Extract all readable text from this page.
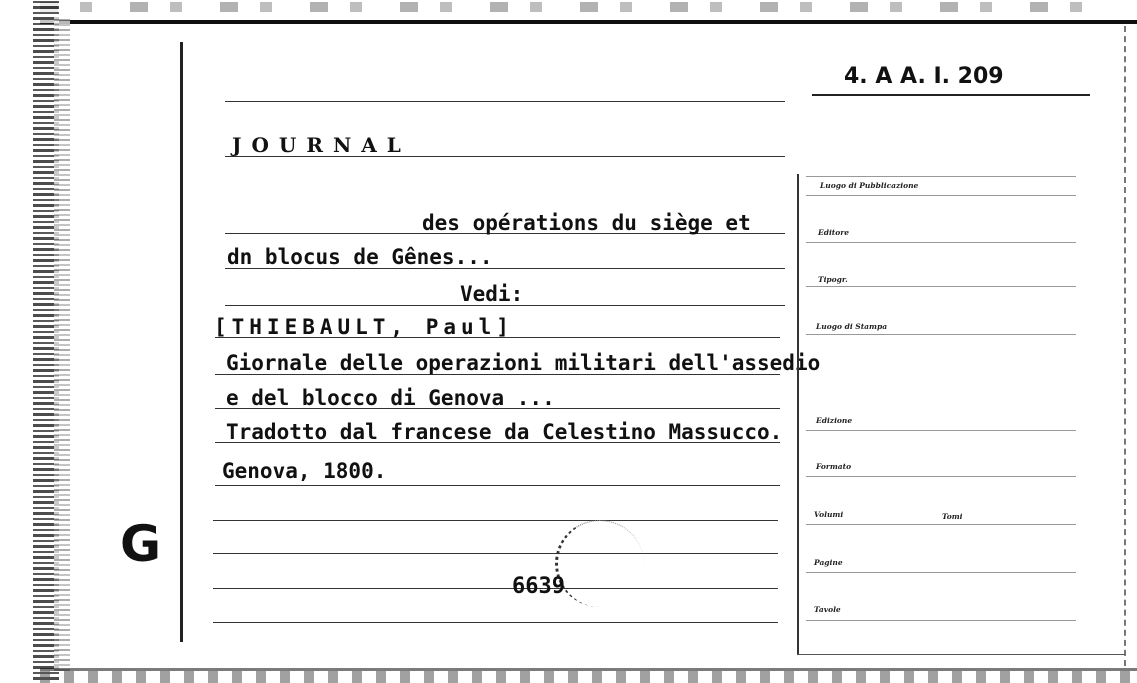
4. A A. I. 209
G
JOURNAL
des opérations du siège et
dn blocus de Gênes...
Vedi:
[THIEBAULT, Paul]
Giornale delle operazioni militari dell'assedio
e del blocco di Genova ...
Tradotto dal francese da Celestino Massucco.
Genova, 1800.
6639
Luogo di Pubblicazione
Editore
Tipogr.
Luogo di Stampa
Edizione
Formato
Volumi	Tomi
Pagine
Tavole
